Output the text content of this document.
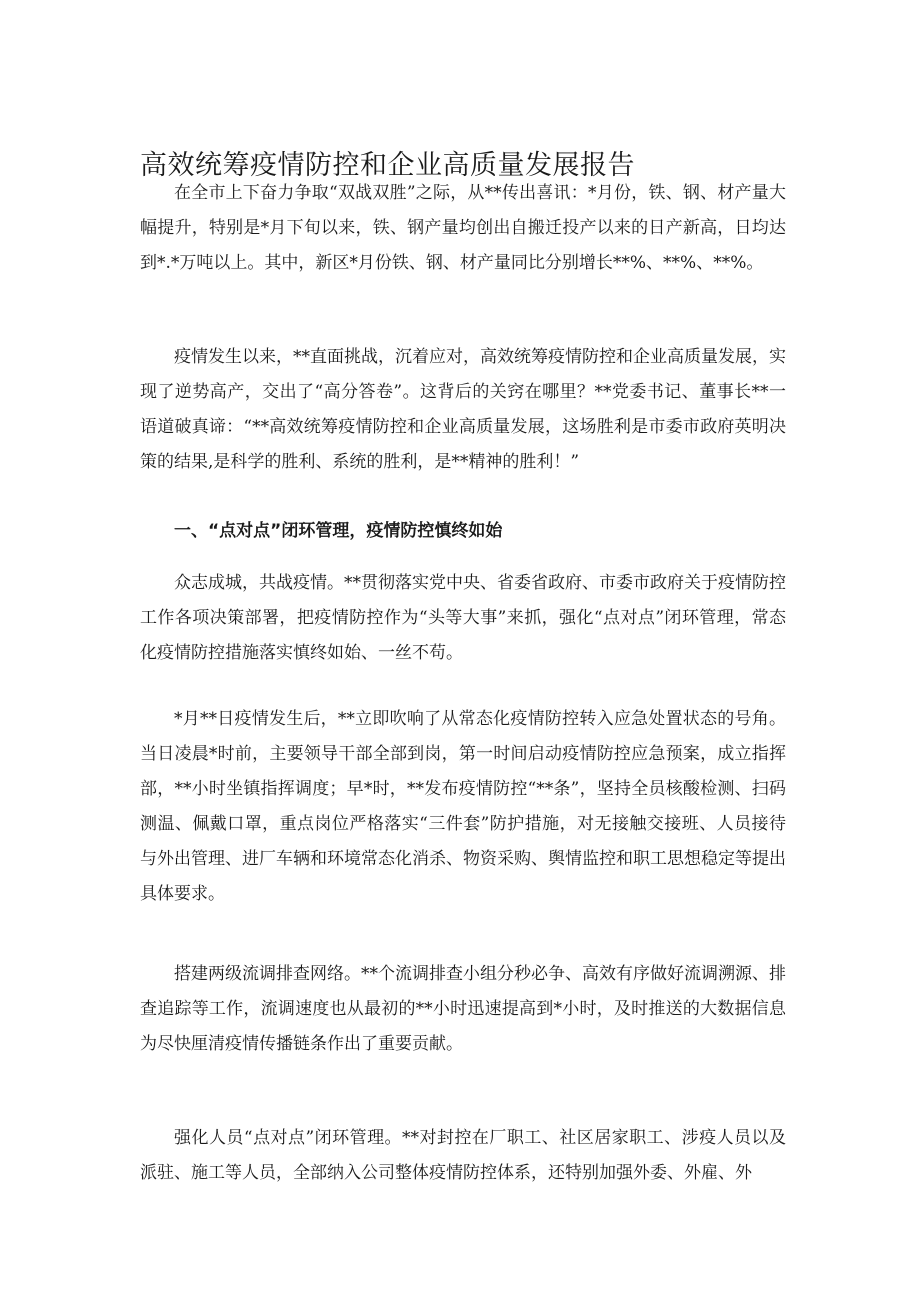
高效统筹疫情防控和企业高质量发展报告

在全市上下奋力争取“双战双胜”之际，从**传出喜讯：*月份，铁、钢、材产量大幅提升，特别是*月下旬以来，铁、钢产量均创出自搬迁投产以来的日产新高，日均达到*.*万吨以上。其中，新区*月份铁、钢、材产量同比分别增长**%、**%、**%。

疫情发生以来，**直面挑战，沉着应对，高效统筹疫情防控和企业高质量发展，实现了逆势高产，交出了“高分答卷”。这背后的关窍在哪里？**党委书记、董事长**一语道破真谛：“**高效统筹疫情防控和企业高质量发展，这场胜利是市委市政府英明决策的结果,是科学的胜利、系统的胜利，是**精神的胜利！”

一、“点对点”闭环管理，疫情防控慎终如始

众志成城，共战疫情。**贯彻落实党中央、省委省政府、市委市政府关于疫情防控工作各项决策部署，把疫情防控作为“头等大事”来抓，强化“点对点”闭环管理，常态化疫情防控措施落实慎终如始、一丝不苟。

*月**日疫情发生后，**立即吹响了从常态化疫情防控转入应急处置状态的号角。当日凌晨*时前，主要领导干部全部到岗，第一时间启动疫情防控应急预案，成立指挥部，**小时坐镇指挥调度；早*时，**发布疫情防控“**条”，坚持全员核酸检测、扫码测温、佩戴口罩，重点岗位严格落实“三件套”防护措施，对无接触交接班、人员接待与外出管理、进厂车辆和环境常态化消杀、物资采购、舆情监控和职工思想稳定等提出具体要求。

搭建两级流调排查网络。**个流调排查小组分秒必争、高效有序做好流调溯源、排查追踪等工作，流调速度也从最初的**小时迅速提高到*小时，及时推送的大数据信息为尽快厘清疫情传播链条作出了重要贡献。

强化人员“点对点”闭环管理。**对封控在厂职工、社区居家职工、涉疫人员以及派驻、施工等人员，全部纳入公司整体疫情防控体系，还特别加强外委、外雇、外
